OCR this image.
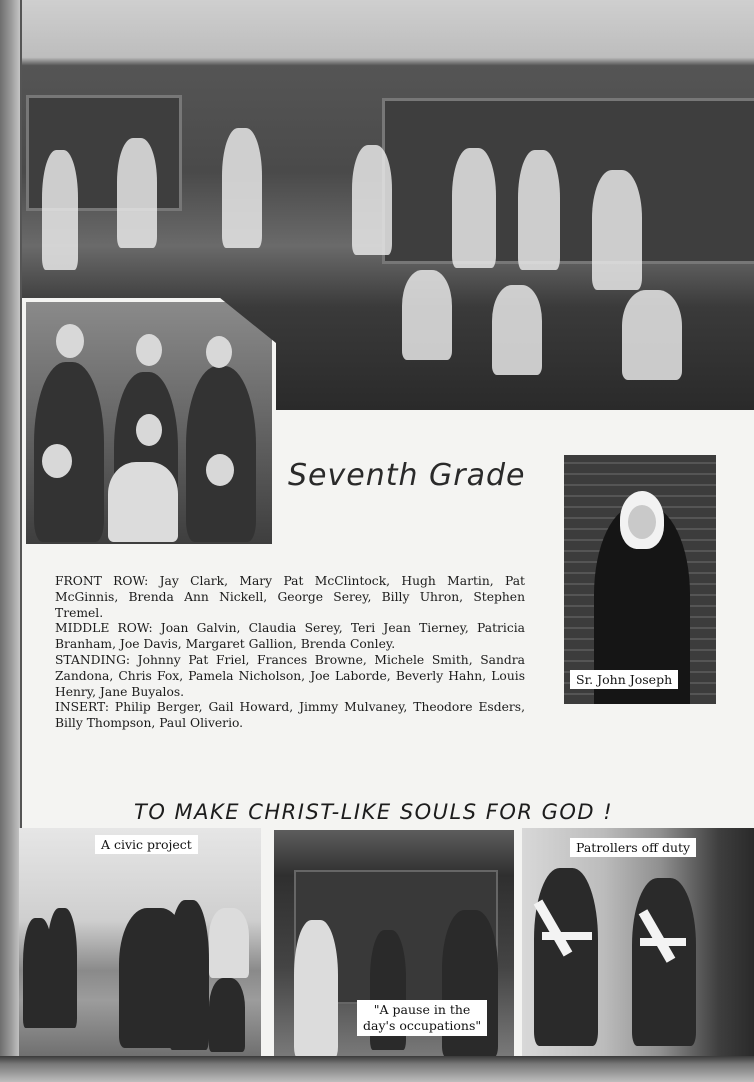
Seventh Grade
Sr. John Joseph

FRONT ROW: Jay Clark, Mary Pat McClintock, Hugh Martin, Pat McGinnis, Brenda Ann Nickell, George Serey, Billy Uhron, Stephen Tremel.

MIDDLE ROW: Joan Galvin, Claudia Serey, Teri Jean Tierney, Patricia Branham, Joe Davis, Margaret Gallion, Brenda Conley.

STANDING: Johnny Pat Friel, Frances Browne, Michele Smith, Sandra Zandona, Chris Fox, Pamela Nicholson, Joe Laborde, Beverly Hahn, Louis Henry, Jane Buyalos.

INSERT: Philip Berger, Gail Howard, Jimmy Mulvaney, Theodore Esders, Billy Thompson, Paul Oliverio.

TO MAKE CHRIST-LIKE SOULS FOR GOD !
A civic project
"A pause in the
day's occupations"
Patrollers off duty
